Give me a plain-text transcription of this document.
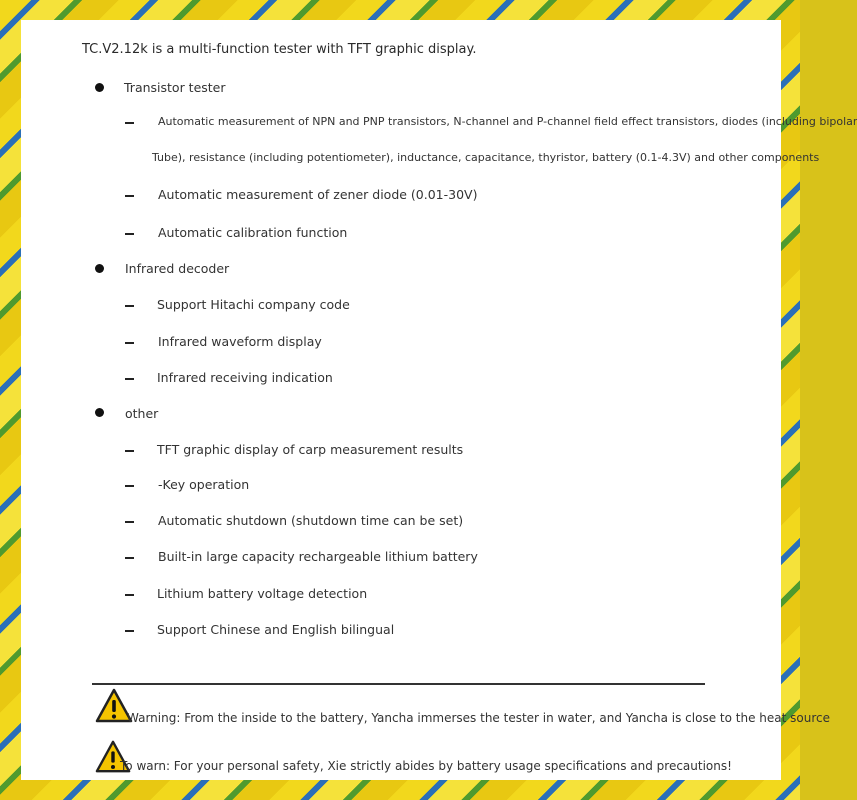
TC.V2.12k is a multi-function tester with TFT graphic display.
Transistor tester
Automatic measurement of NPN and PNP transistors, N-channel and P-channel field effect transistors, diodes (including bipolar
Tube), resistance (including potentiometer), inductance, capacitance, thyristor, battery (0.1-4.3V) and other components
Automatic measurement of zener diode (0.01-30V)
Automatic calibration function
Infrared decoder
Support Hitachi company code
Infrared waveform display
Infrared receiving indication
other
TFT graphic display of carp measurement results
-Key operation
Automatic shutdown (shutdown time can be set)
Built-in large capacity rechargeable lithium battery
Lithium battery voltage detection
Support Chinese and English bilingual
Warning: From the inside to the battery, Yancha immerses the tester in water, and Yancha is close to the heat source
To warn: For your personal safety, Xie strictly abides by battery usage specifications and precautions!
